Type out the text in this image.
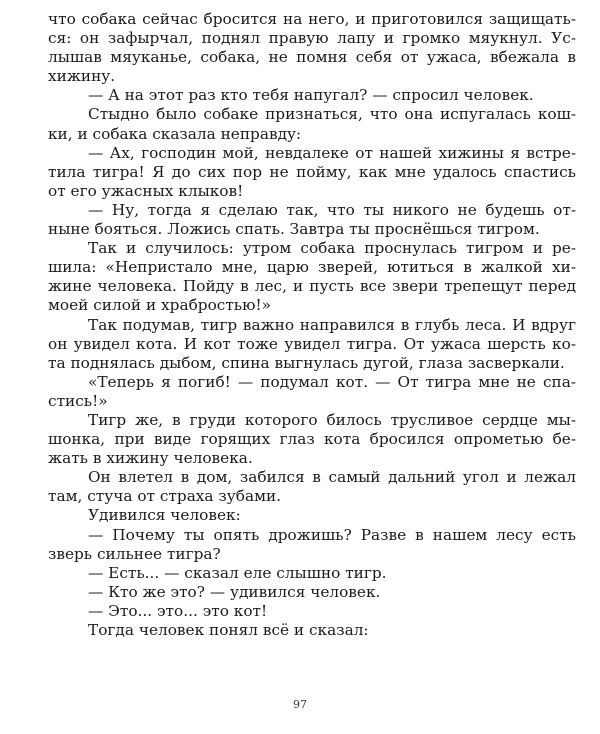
что собака сейчас бросится на него, и приготовился защищать-
ся: он зафырчал, поднял правую лапу и громко мяукнул. Ус-
лышав мяуканье, собака, не помня себя от ужаса, вбежала в
хижину.
— А на этот раз кто тебя напугал? — спросил человек.
Стыдно было собаке признаться, что она испугалась кош-
ки, и собака сказала неправду:
— Ах, господин мой, невдалеке от нашей хижины я встре-
тила тигра! Я до сих пор не пойму, как мне удалось спастись
от его ужасных клыков!
— Ну, тогда я сделаю так, что ты никого не будешь от-
ныне бояться. Ложись спать. Завтра ты проснёшься тигром.
Так и случилось: утром собака проснулась тигром и ре-
шила: «Непристало мне, царю зверей, ютиться в жалкой хи-
жине человека. Пойду в лес, и пусть все звери трепещут перед
моей силой и храбростью!»
Так подумав, тигр важно направился в глубь леса. И вдруг
он увидел кота. И кот тоже увидел тигра. От ужаса шерсть ко-
та поднялась дыбом, спина выгнулась дугой, глаза засверкали.
«Теперь я погиб! — подумал кот. — От тигра мне не спа-
стись!»
Тигр же, в груди которого билось трусливое сердце мы-
шонка, при виде горящих глаз кота бросился опрометью бе-
жать в хижину человека.
Он влетел в дом, забился в самый дальний угол и лежал
там, стуча от страха зубами.
Удивился человек:
— Почему ты опять дрожишь? Разве в нашем лесу есть
зверь сильнее тигра?
— Есть... — сказал еле слышно тигр.
— Кто же это? — удивился человек.
— Это... это... это кот!
Тогда человек понял всё и сказал:
97
